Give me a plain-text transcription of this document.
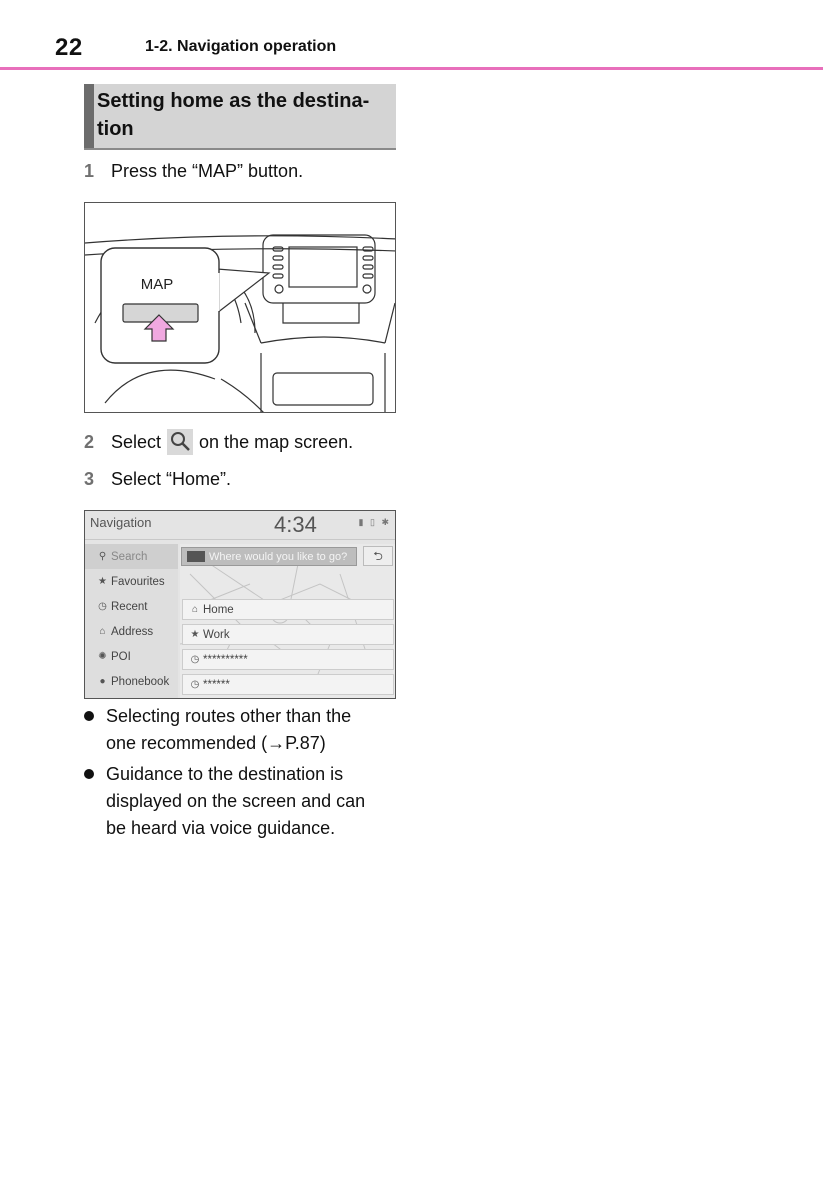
22	1-2. Navigation operation
Setting home as the destina-
tion
1 Press the “MAP” button.
MAP
2 Select on the map screen.
3 Select “Home”.
Navigation	4:34	▮ ▯ ✱
⚲ Search
★ Favourites
◷ Recent
⌂ Address
✺ POI
● Phonebook
Where would you like to go?	⮌
⌂ Home
★ Work
◷ **********
◷ ******
Selecting routes other than the
one recommended (→P.87)
Guidance to the destination is
displayed on the screen and can
be heard via voice guidance.
